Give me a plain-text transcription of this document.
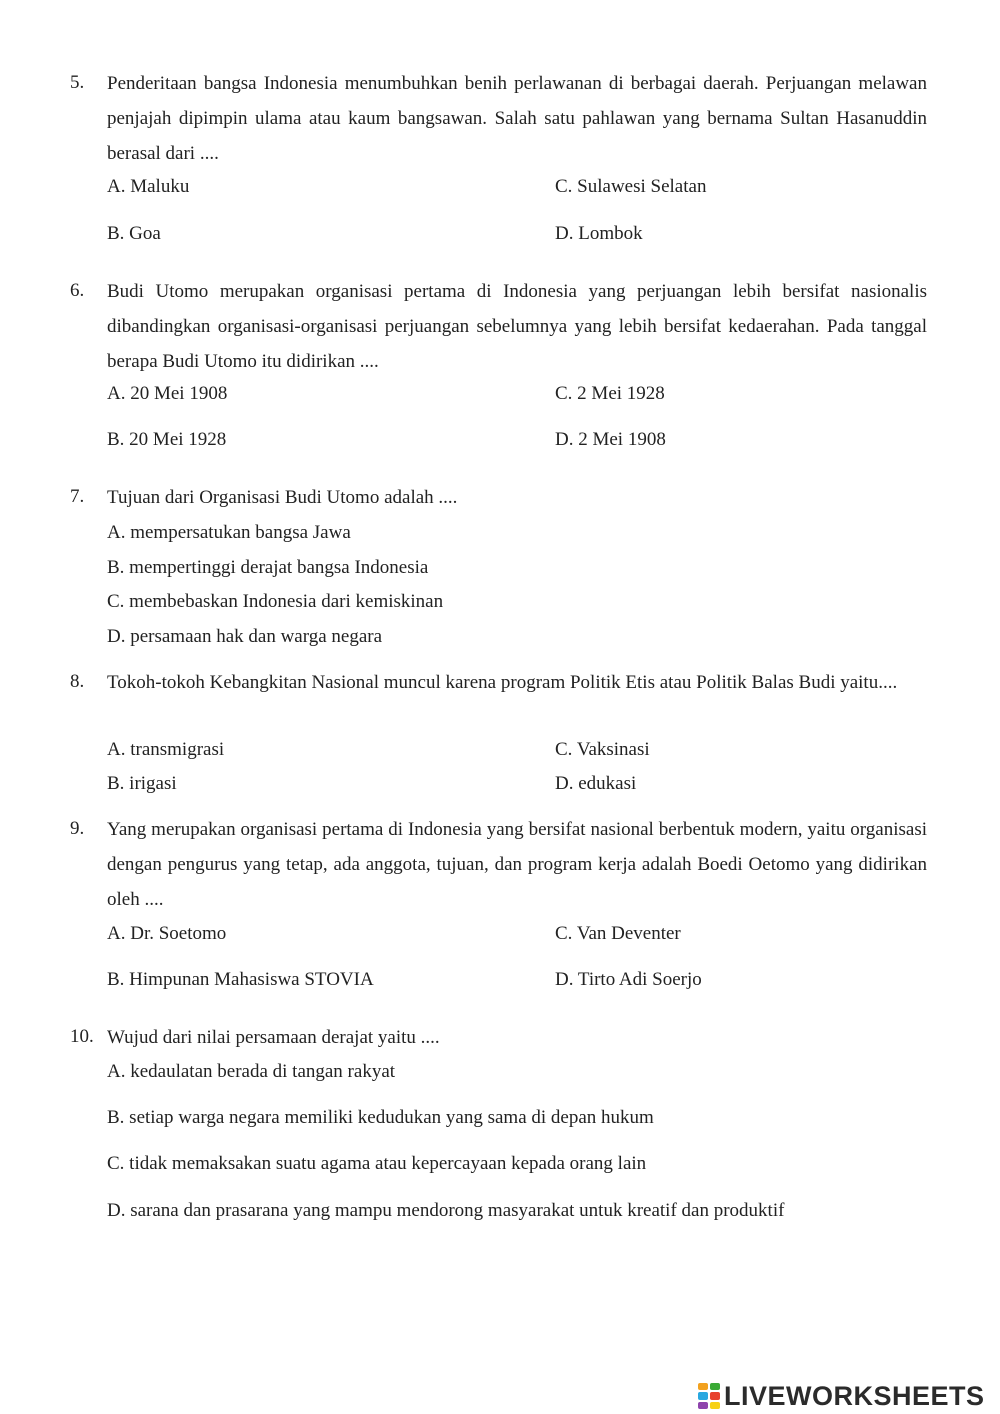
5. Penderitaan bangsa Indonesia menumbuhkan benih perlawanan di berbagai daerah. Perjuangan melawan penjajah dipimpin ulama atau kaum bangsawan. Salah satu pahlawan yang bernama Sultan Hasanuddin berasal dari ....
A. Maluku	C. Sulawesi Selatan
B. Goa	D. Lombok
6. Budi Utomo merupakan organisasi pertama di Indonesia yang perjuangan lebih bersifat nasionalis dibandingkan organisasi-organisasi perjuangan sebelumnya yang lebih bersifat kedaerahan. Pada tanggal berapa Budi Utomo itu didirikan ....
A. 20 Mei 1908	C. 2 Mei 1928
B. 20 Mei 1928	D. 2 Mei 1908
7. Tujuan dari Organisasi Budi Utomo adalah ....
A. mempersatukan bangsa Jawa
B. mempertinggi derajat bangsa Indonesia
C. membebaskan Indonesia dari kemiskinan
D. persamaan hak dan warga negara
8. Tokoh-tokoh Kebangkitan Nasional muncul karena program Politik Etis atau Politik Balas Budi yaitu....
A. transmigrasi	C. Vaksinasi
B. irigasi	D. edukasi
9. Yang merupakan organisasi pertama di Indonesia yang bersifat nasional berbentuk modern, yaitu organisasi dengan pengurus yang tetap, ada anggota, tujuan, dan program kerja adalah Boedi Oetomo yang didirikan oleh ....
A. Dr. Soetomo	C. Van Deventer
B. Himpunan Mahasiswa STOVIA	D. Tirto Adi Soerjo
10. Wujud dari nilai persamaan derajat yaitu ....
A. kedaulatan berada di tangan rakyat
B. setiap warga negara memiliki kedudukan yang sama di depan hukum
C. tidak memaksakan suatu agama atau kepercayaan kepada orang lain
D. sarana dan prasarana yang mampu mendorong masyarakat untuk kreatif dan produktif
LIVEWORKSHEETS
